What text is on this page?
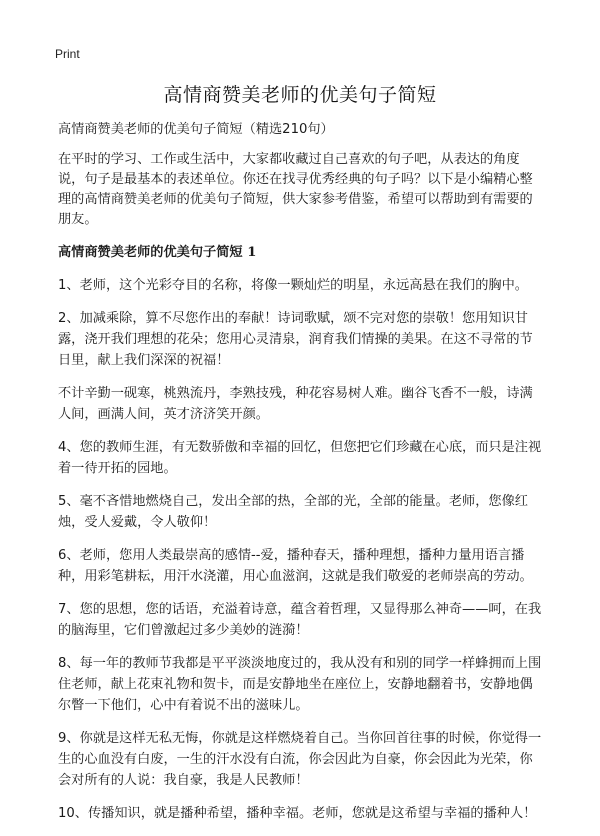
Print
高情商赞美老师的优美句子简短

高情商赞美老师的优美句子简短（精选210句）

在平时的学习、工作或生活中，大家都收藏过自己喜欢的句子吧，从表达的角度说，句子是最基本的表述单位。你还在找寻优秀经典的句子吗？以下是小编精心整理的高情商赞美老师的优美句子简短，供大家参考借鉴，希望可以帮助到有需要的朋友。

高情商赞美老师的优美句子简短 1

1、老师，这个光彩夺目的名称，将像一颗灿烂的明星，永远高悬在我们的胸中。

2、加减乘除，算不尽您作出的奉献！诗词歌赋，颂不完对您的崇敬！您用知识甘露，浇开我们理想的花朵；您用心灵清泉，润育我们情操的美果。在这不寻常的节日里，献上我们深深的祝福！

不计辛勤一砚寒，桃熟流丹，李熟技残，种花容易树人难。幽谷飞香不一般，诗满人间，画满人间，英才济济笑开颜。

4、您的教师生涯，有无数骄傲和幸福的回忆，但您把它们珍藏在心底，而只是注视着一待开拓的园地。

5、毫不吝惜地燃烧自己，发出全部的热，全部的光，全部的能量。老师，您像红烛，受人爱戴，令人敬仰！

6、老师，您用人类最崇高的感情--爱，播种春天，播种理想，播种力量用语言播种，用彩笔耕耘，用汗水浇灌，用心血滋润，这就是我们敬爱的老师崇高的劳动。

7、您的思想，您的话语，充溢着诗意，蕴含着哲理，又显得那么神奇——呵，在我的脑海里，它们曾激起过多少美妙的涟漪！

8、每一年的教师节我都是平平淡淡地度过的，我从没有和别的同学一样蜂拥而上围住老师，献上花束礼物和贺卡，而是安静地坐在座位上，安静地翻着书，安静地偶尔瞥一下他们，心中有着说不出的滋味儿。

9、你就是这样无私无悔，你就是这样燃烧着自己。当你回首往事的时候，你觉得一生的心血没有白废，一生的汗水没有白流，你会因此为自豪，你会因此为光荣，你会对所有的人说：我自豪，我是人民教师！

10、传播知识，就是播种希望，播种幸福。老师，您就是这希望与幸福的播种人！
